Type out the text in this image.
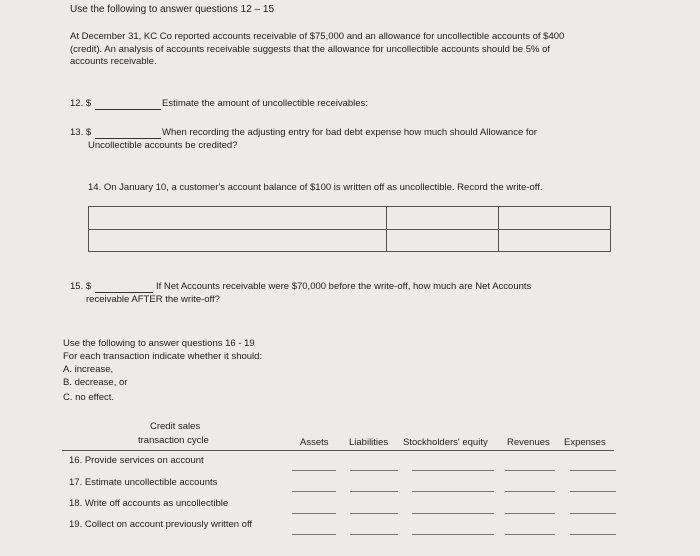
Use the following to answer questions 12 – 15
At December 31, KC Co reported accounts receivable of $75,000 and an allowance for uncollectible accounts of $400
(credit). An analysis of accounts receivable suggests that the allowance for uncollectible accounts should be 5% of
accounts receivable.
12. $	Estimate the amount of uncollectible receivables:
13. $	When recording the adjusting entry for bad debt expense how much should Allowance for
Uncollectible accounts be credited?
14. On January 10, a customer's account balance of $100 is written off as uncollectible. Record the write-off.
15. $	If Net Accounts receivable were $70,000 before the write-off, how much are Net Accounts
receivable AFTER the write-off?
Use the following to answer questions 16 - 19
For each transaction indicate whether it should:
A. increase,
B. decrease, or
C. no effect.
Credit sales
transaction cycle	Assets Liabilities Stockholders' equity Revenues Expenses
16. Provide services on account
17. Estimate uncollectible accounts
18. Write off accounts as uncollectible
19. Collect on account previously written off
